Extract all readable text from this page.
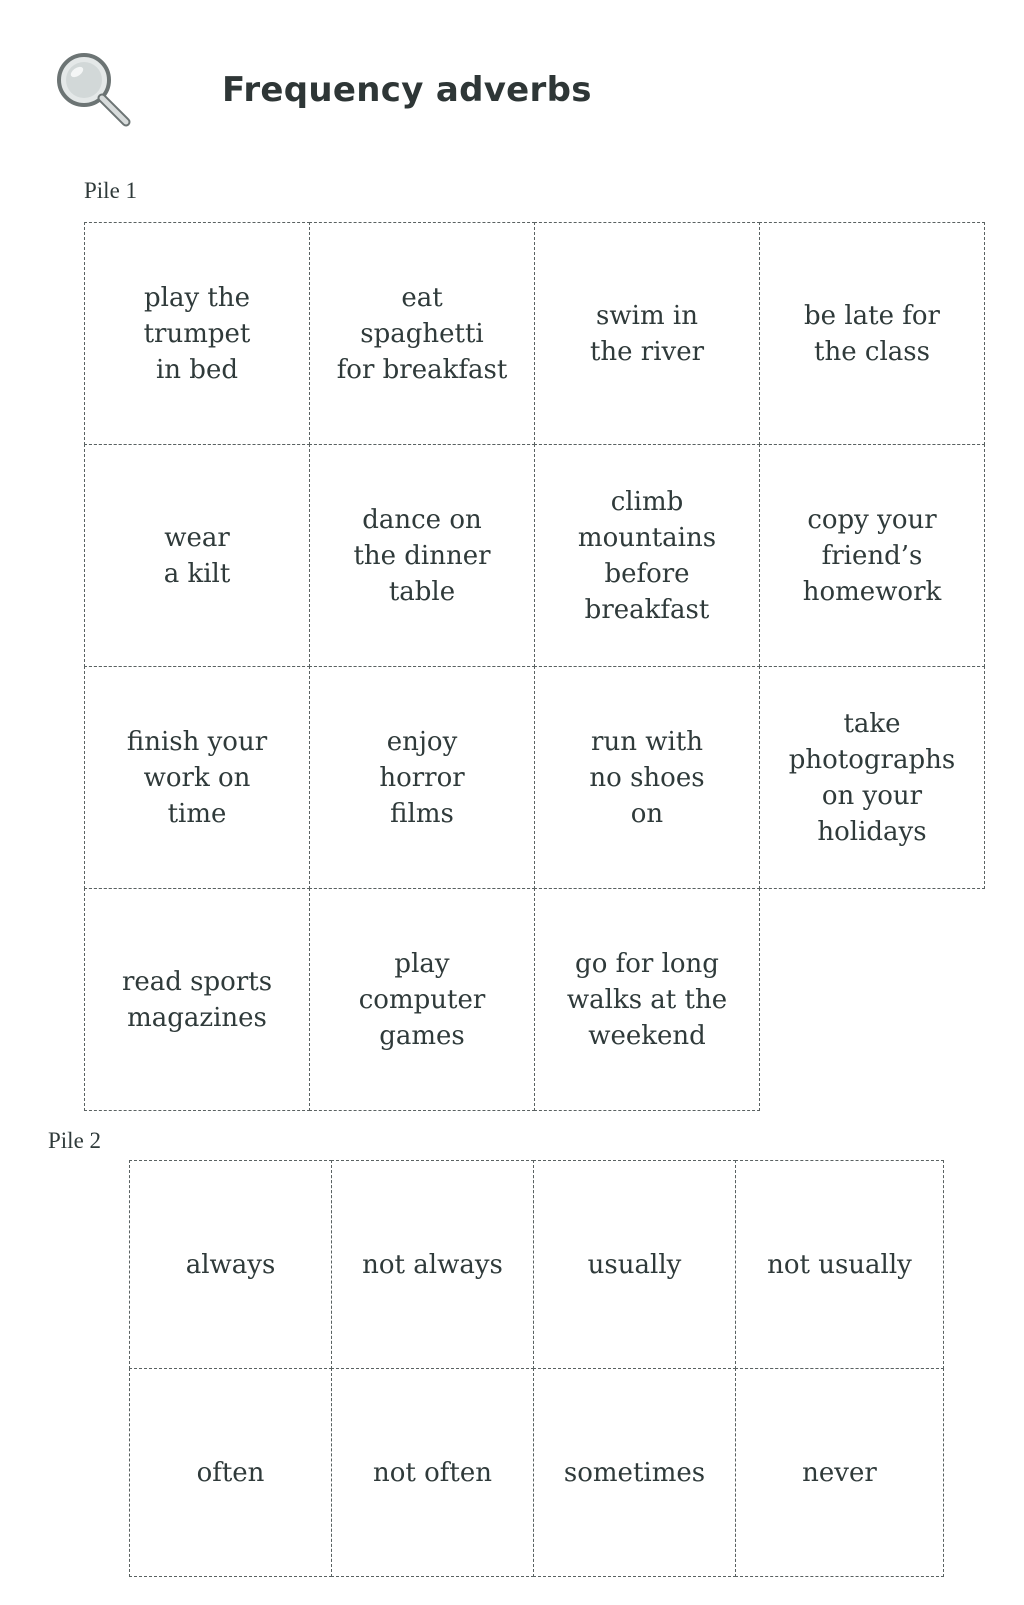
Frequency adverbs
Pile 1
play the
trumpet
in bed
eat
spaghetti
for breakfast
swim in
the river
be late for
the class
wear
a kilt
dance on
the dinner
table
climb
mountains
before
breakfast
copy your
friend’s
homework
finish your
work on
time
enjoy
horror
films
run with
no shoes
on
take
photographs
on your
holidays
read sports
magazines
play
computer
games
go for long
walks at the
weekend
Pile 2
always	not always	usually	not usually
often	not often	sometimes	never
